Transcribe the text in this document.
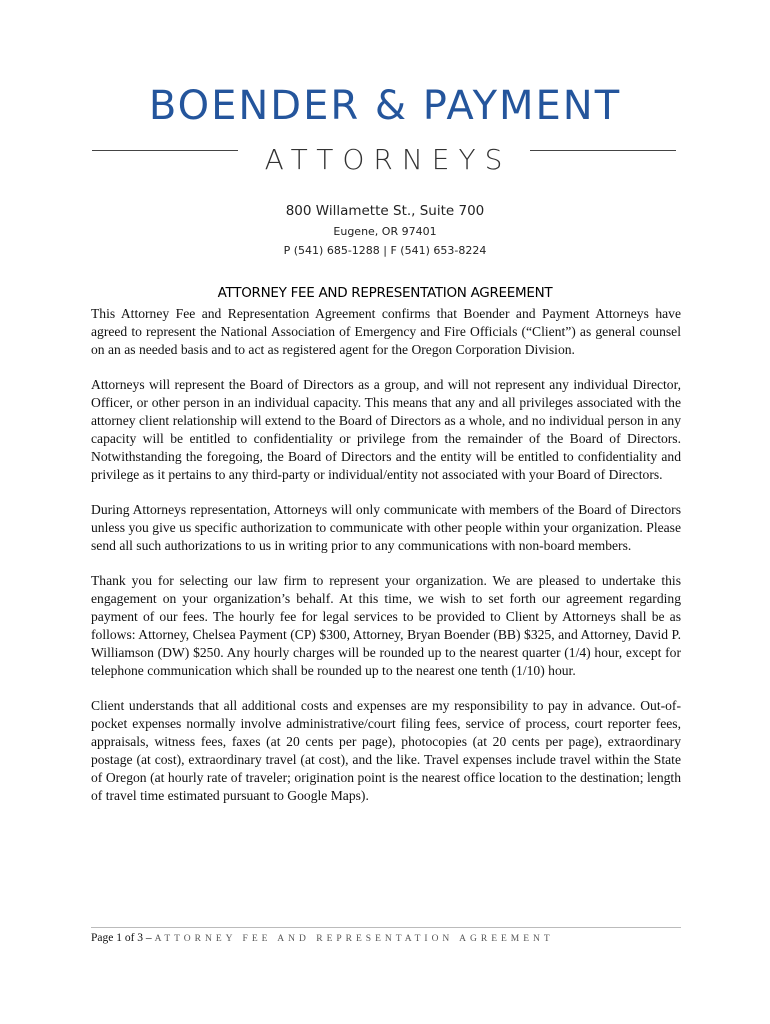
BOENDER & PAYMENT
ATTORNEYS
800 Willamette St., Suite 700
Eugene, OR 97401
P (541) 685-1288 | F (541) 653-8224
ATTORNEY FEE AND REPRESENTATION AGREEMENT

This Attorney Fee and Representation Agreement confirms that Boender and Payment Attorneys have agreed to represent the National Association of Emergency and Fire Officials (“Client”) as general counsel on an as needed basis and to act as registered agent for the Oregon Corporation Division.

Attorneys will represent the Board of Directors as a group, and will not represent any individual Director, Officer, or other person in an individual capacity. This means that any and all privileges associated with the attorney client relationship will extend to the Board of Directors as a whole, and no individual person in any capacity will be entitled to confidentiality or privilege from the remainder of the Board of Directors. Notwithstanding the foregoing, the Board of Directors and the entity will be entitled to confidentiality and privilege as it pertains to any third-party or individual/entity not associated with your Board of Directors.

During Attorneys representation, Attorneys will only communicate with members of the Board of Directors unless you give us specific authorization to communicate with other people within your organization. Please send all such authorizations to us in writing prior to any communications with non-board members.

Thank you for selecting our law firm to represent your organization. We are pleased to undertake this engagement on your organization’s behalf. At this time, we wish to set forth our agreement regarding payment of our fees. The hourly fee for legal services to be provided to Client by Attorneys shall be as follows: Attorney, Chelsea Payment (CP) $300, Attorney, Bryan Boender (BB) $325, and Attorney, David P. Williamson (DW) $250. Any hourly charges will be rounded up to the nearest quarter (1/4) hour, except for telephone communication which shall be rounded up to the nearest one tenth (1/10) hour.

Client understands that all additional costs and expenses are my responsibility to pay in advance. Out-of-pocket expenses normally involve administrative/court filing fees, service of process, court reporter fees, appraisals, witness fees, faxes (at 20 cents per page), photocopies (at 20 cents per page), extraordinary postage (at cost), extraordinary travel (at cost), and the like. Travel expenses include travel within the State of Oregon (at hourly rate of traveler; origination point is the nearest office location to the destination; length of travel time estimated pursuant to Google Maps).

Page 1 of 3 – ATTORNEY FEE AND REPRESENTATION AGREEMENT
